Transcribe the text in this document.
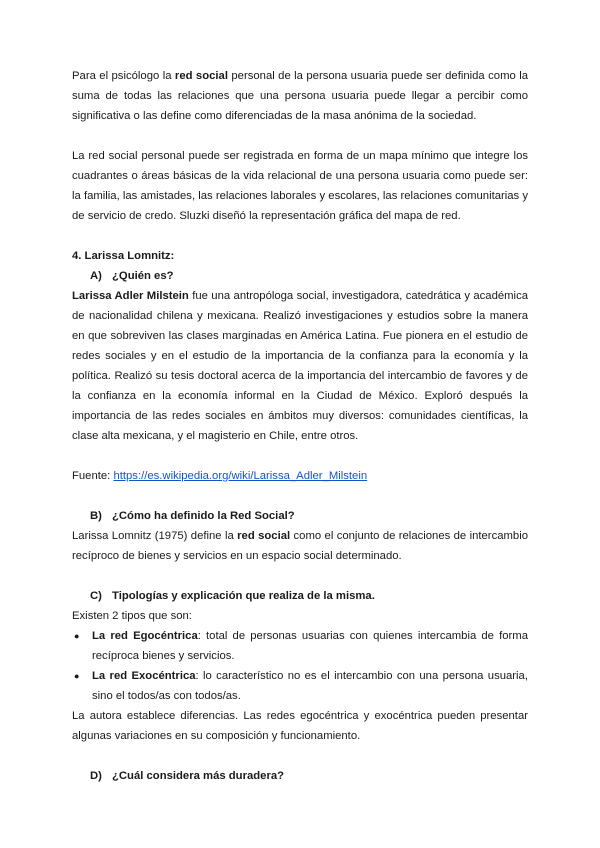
Para el psicólogo la red social personal de la persona usuaria puede ser definida como la suma de todas las relaciones que una persona usuaria puede llegar a percibir como significativa o las define como diferenciadas de la masa anónima de la sociedad.

La red social personal puede ser registrada en forma de un mapa mínimo que integre los cuadrantes o áreas básicas de la vida relacional de una persona usuaria como puede ser: la familia, las amistades, las relaciones laborales y escolares, las relaciones comunitarias y de servicio de credo. Sluzki diseñó la representación gráfica del mapa de red.

4. Larissa Lomnitz:
A) ¿Quién es?

Larissa Adler Milstein fue una antropóloga social, investigadora, catedrática y académica de nacionalidad chilena y mexicana. Realizó investigaciones y estudios sobre la manera en que sobreviven las clases marginadas en América Latina. Fue pionera en el estudio de redes sociales y en el estudio de la importancia de la confianza para la economía y la política. Realizó su tesis doctoral acerca de la importancia del intercambio de favores y de la confianza en la economía informal en la Ciudad de México. Exploró después la importancia de las redes sociales en ámbitos muy diversos: comunidades científicas, la clase alta mexicana, y el magisterio en Chile, entre otros.

Fuente: https://es.wikipedia.org/wiki/Larissa_Adler_Milstein

B) ¿Cómo ha definido la Red Social?

Larissa Lomnitz (1975) define la red social como el conjunto de relaciones de intercambio recíproco de bienes y servicios en un espacio social determinado.

C) Tipologías y explicación que realiza de la misma.

Existen 2 tipos que son:

● La red Egocéntrica: total de personas usuarias con quienes intercambia de forma recíproca bienes y servicios.
● La red Exocéntrica: lo característico no es el intercambio con una persona usuaria, sino el todos/as con todos/as.

La autora establece diferencias. Las redes egocéntrica y exocéntrica pueden presentar algunas variaciones en su composición y funcionamiento.

D) ¿Cuál considera más duradera?
